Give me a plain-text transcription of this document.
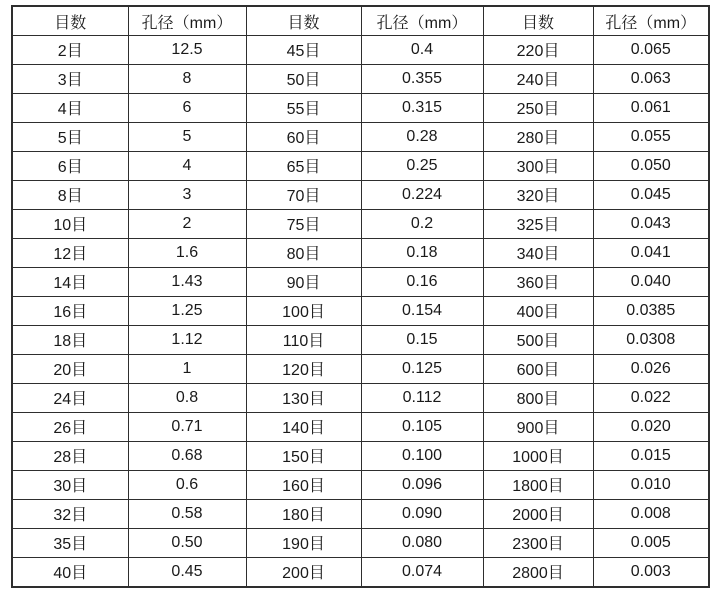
目数	孔径（mm）	目数	孔径（mm）	目数	孔径（mm）
2目	12.5	45目	0.4	220目	0.065
3目	8	50目	0.355	240目	0.063
4目	6	55目	0.315	250目	0.061
5目	5	60目	0.28	280目	0.055
6目	4	65目	0.25	300目	0.050
8目	3	70目	0.224	320目	0.045
10目	2	75目	0.2	325目	0.043
12目	1.6	80目	0.18	340目	0.041
14目	1.43	90目	0.16	360目	0.040
16目	1.25	100目	0.154	400目	0.0385
18目	1.12	110目	0.15	500目	0.0308
20目	1	120目	0.125	600目	0.026
24目	0.8	130目	0.112	800目	0.022
26目	0.71	140目	0.105	900目	0.020
28目	0.68	150目	0.100	1000目	0.015
30目	0.6	160目	0.096	1800目	0.010
32目	0.58	180目	0.090	2000目	0.008
35目	0.50	190目	0.080	2300目	0.005
40目	0.45	200目	0.074	2800目	0.003
